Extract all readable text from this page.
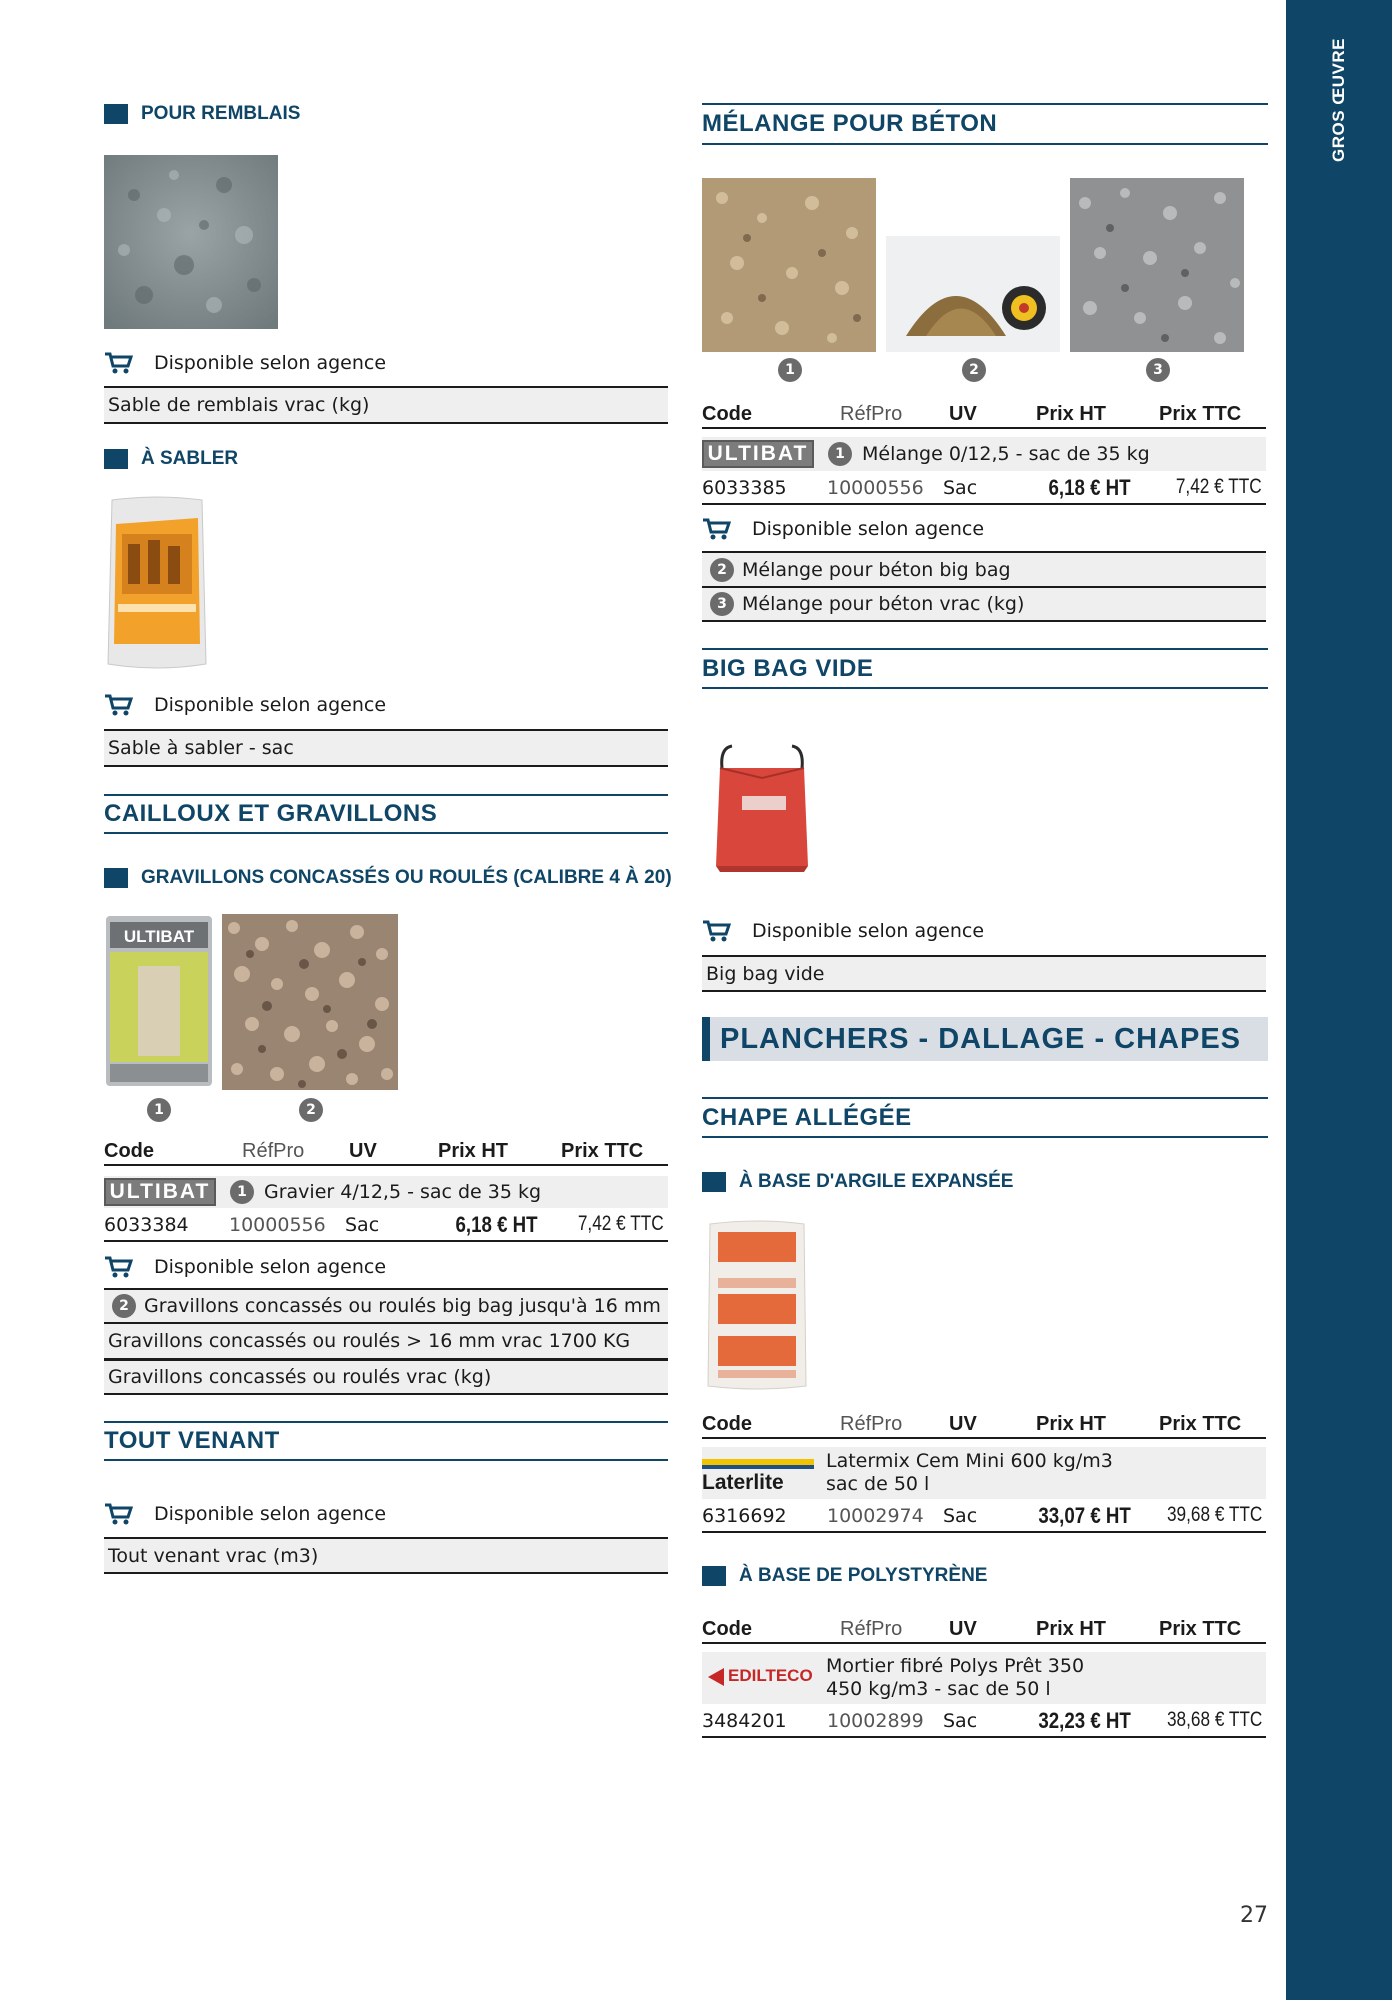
GROS ŒUVRE
POUR REMBLAIS
Disponible selon agence
Sable de remblais vrac (kg)
À SABLER
Disponible selon agence
Sable à sabler - sac
CAILLOUX ET GRAVILLONS
GRAVILLONS CONCASSÉS OU ROULÉS (CALIBRE 4 À 20)
ULTIBAT
1	2
Code	RéfPro UV	Prix HT	Prix TTC
ULTIBAT	1 Gravier 4/12,5 - sac de 35 kg
6033384 10000556 Sac	6,18 € HT 7,42 € TTC
Disponible selon agence
2 Gravillons concassés ou roulés big bag jusqu'à 16 mm
Gravillons concassés ou roulés > 16 mm vrac 1700 KG
Gravillons concassés ou roulés vrac (kg)
TOUT VENANT
Disponible selon agence
Tout venant vrac (m3)
MÉLANGE POUR BÉTON
1	2	3
Code	RéfPro UV	Prix HT	Prix TTC
ULTIBAT	1 Mélange 0/12,5 - sac de 35 kg
6033385 10000556 Sac	6,18 € HT 7,42 € TTC
Disponible selon agence
2 Mélange pour béton big bag
3 Mélange pour béton vrac (kg)
BIG BAG VIDE
Disponible selon agence
Big bag vide
PLANCHERS - DALLAGE - CHAPES
CHAPE ALLÉGÉE
À BASE D'ARGILE EXPANSÉE
Code	RéfPro UV	Prix HT	Prix TTC
Laterlite
Latermix Cem Mini 600 kg/m3
sac de 50 l
6316692 10002974 Sac	33,07 € HT 39,68 € TTC
À BASE DE POLYSTYRÈNE
Code	RéfPro UV	Prix HT	Prix TTC
EDILTECO Mortier fibré Polys Prêt 350
450 kg/m3 - sac de 50 l
3484201 10002899 Sac	32,23 € HT 38,68 € TTC
27
